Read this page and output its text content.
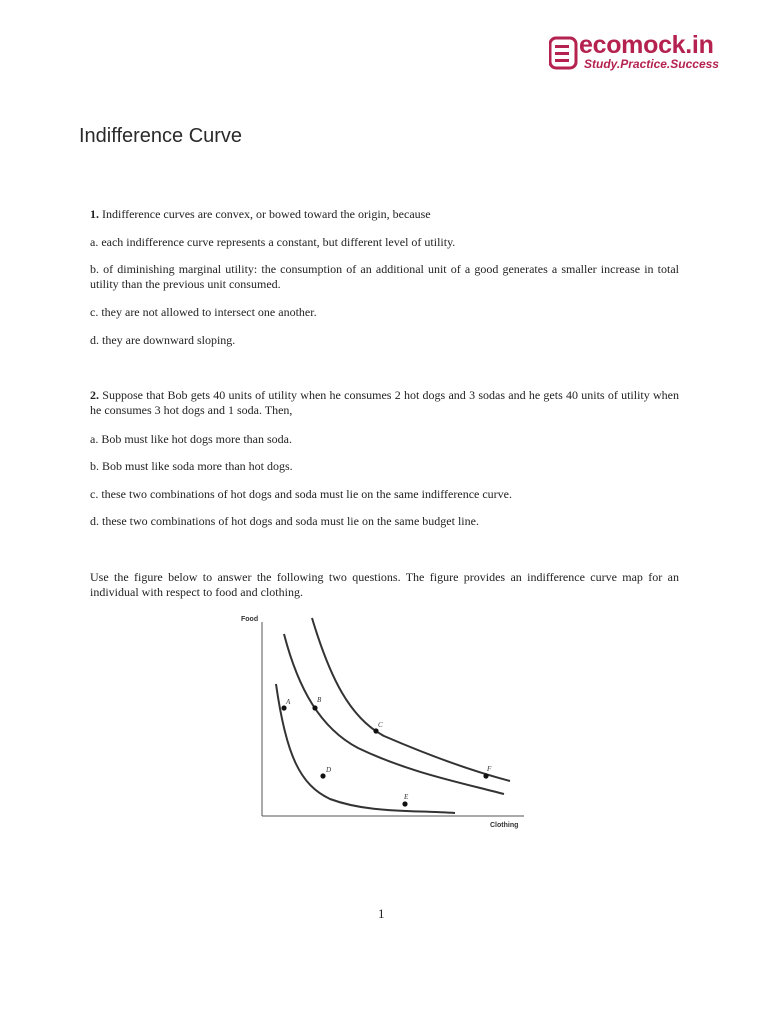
ecomock.in
Study.Practice.Success
Indifference Curve
1. Indifference curves are convex, or bowed toward the origin, because
a. each indifference curve represents a constant, but different level of utility.
b. of diminishing marginal utility: the consumption of an additional unit of a good generates a smaller increase in total utility than the previous unit consumed.
c. they are not allowed to intersect one another.
d. they are downward sloping.
2. Suppose that Bob gets 40 units of utility when he consumes 2 hot dogs and 3 sodas and he gets 40 units of utility when he consumes 3 hot dogs and 1 soda. Then,
a. Bob must like hot dogs more than soda.
b. Bob must like soda more than hot dogs.
c. these two combinations of hot dogs and soda must lie on the same indifference curve.
d. these two combinations of hot dogs and soda must lie on the same budget line.
Use the figure below to answer the following two questions. The figure provides an indifference curve map for an individual with respect to food and clothing.
Food
Clothing
A	B
C
D
E
F
1
